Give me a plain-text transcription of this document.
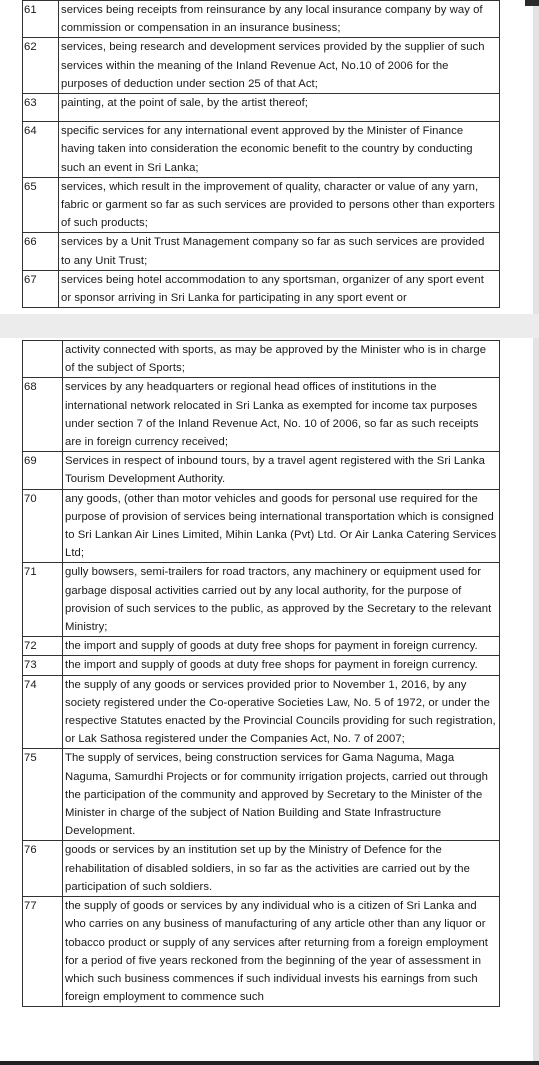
61	services being receipts from reinsurance by any local insurance company by way of commission or compensation in an insurance business;
62	services, being research and development services provided by the supplier of such services within the meaning of the Inland Revenue Act, No.10 of 2006 for the purposes of deduction under section 25 of that Act;
63	painting, at the point of sale, by the artist thereof;
64	specific services for any international event approved by the Minister of Finance having taken into consideration the economic benefit to the country by conducting such an event in Sri Lanka;
65	services, which result in the improvement of quality, character or value of any yarn, fabric or garment so far as such services are provided to persons other than exporters of such products;
66	services by a Unit Trust Management company so far as such services are provided to any Unit Trust;
67	services being hotel accommodation to any sportsman, organizer of any sport event or sponsor arriving in Sri Lanka for participating in any sport event or
	activity connected with sports, as may be approved by the Minister who is in charge of the subject of Sports;
68	services by any headquarters or regional head offices of institutions in the international network relocated in Sri Lanka as exempted for income tax purposes under section 7 of the Inland Revenue Act, No. 10 of 2006, so far as such receipts are in foreign currency received;
69	Services in respect of inbound tours, by a travel agent registered with the Sri Lanka Tourism Development Authority.
70	any goods, (other than motor vehicles and goods for personal use required for the purpose of provision of services being international transportation which is consigned to Sri Lankan Air Lines Limited, Mihin Lanka (Pvt) Ltd. Or Air Lanka Catering Services Ltd;
71	gully bowsers, semi-trailers for road tractors, any machinery or equipment used for garbage disposal activities carried out by any local authority, for the purpose of provision of such services to the public, as approved by the Secretary to the relevant Ministry;
72	the import and supply of goods at duty free shops for payment in foreign currency.
73	the import and supply of goods at duty free shops for payment in foreign currency.
74	the supply of any goods or services provided prior to November 1, 2016, by any society registered under the Co-operative Societies Law, No. 5 of 1972, or under the respective Statutes enacted by the Provincial Councils providing for such registration, or Lak Sathosa registered under the Companies Act, No. 7 of 2007;
75	The supply of services, being construction services for Gama Naguma, Maga Naguma, Samurdhi Projects or for community irrigation projects, carried out through the participation of the community and approved by Secretary to the Minister of the Minister in charge of the subject of Nation Building and State Infrastructure Development.
76	goods or services by an institution set up by the Ministry of Defence for the rehabilitation of disabled soldiers, in so far as the activities are carried out by the participation of such soldiers.
77	the supply of goods or services by any individual who is a citizen of Sri Lanka and who carries on any business of manufacturing of any article other than any liquor or tobacco product or supply of any services after returning from a foreign employment for a period of five years reckoned from the beginning of the year of assessment in which such business commences if such individual invests his earnings from such foreign employment to commence such
